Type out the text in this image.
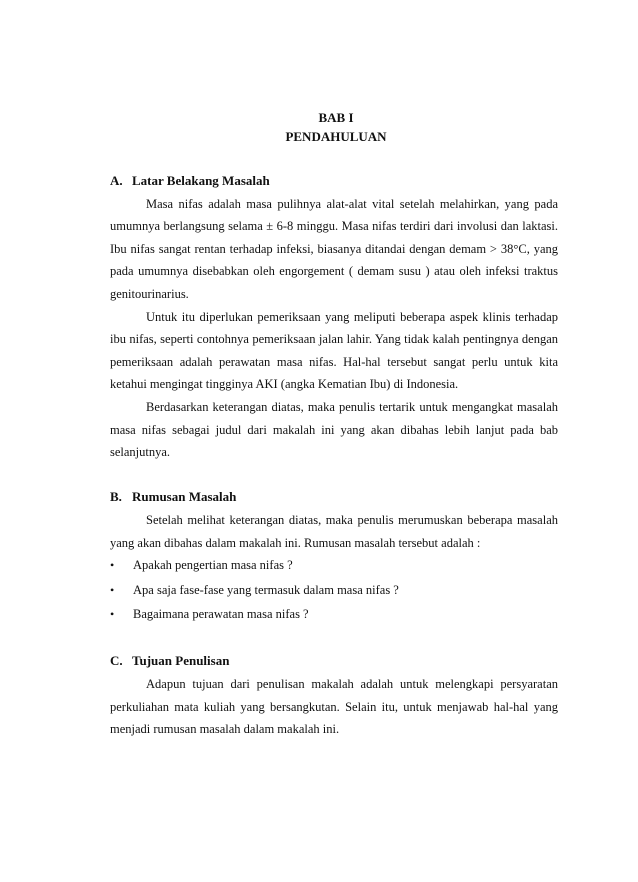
BAB I
PENDAHULUAN
A. Latar Belakang Masalah

Masa nifas adalah masa pulihnya alat-alat vital setelah melahirkan, yang pada umumnya berlangsung selama ± 6-8 minggu. Masa nifas terdiri dari involusi dan laktasi. Ibu nifas sangat rentan terhadap infeksi, biasanya ditandai dengan demam > 38°C, yang pada umumnya disebabkan oleh engorgement ( demam susu ) atau oleh infeksi traktus genitourinarius.

Untuk itu diperlukan pemeriksaan yang meliputi beberapa aspek klinis terhadap ibu nifas, seperti contohnya pemeriksaan jalan lahir. Yang tidak kalah pentingnya dengan pemeriksaan adalah perawatan masa nifas. Hal-hal tersebut sangat perlu untuk kita ketahui mengingat tingginya AKI (angka Kematian Ibu) di Indonesia.

Berdasarkan keterangan diatas, maka penulis tertarik untuk mengangkat masalah masa nifas sebagai judul dari makalah ini yang akan dibahas lebih lanjut pada bab selanjutnya.

B. Rumusan Masalah

Setelah melihat keterangan diatas, maka penulis merumuskan beberapa masalah yang akan dibahas dalam makalah ini. Rumusan masalah tersebut adalah :

• Apakah pengertian masa nifas ?
• Apa saja fase-fase yang termasuk dalam masa nifas ?
• Bagaimana perawatan masa nifas ?
C. Tujuan Penulisan

Adapun tujuan dari penulisan makalah adalah untuk melengkapi persyaratan perkuliahan mata kuliah yang bersangkutan. Selain itu, untuk menjawab hal-hal yang menjadi rumusan masalah dalam makalah ini.
